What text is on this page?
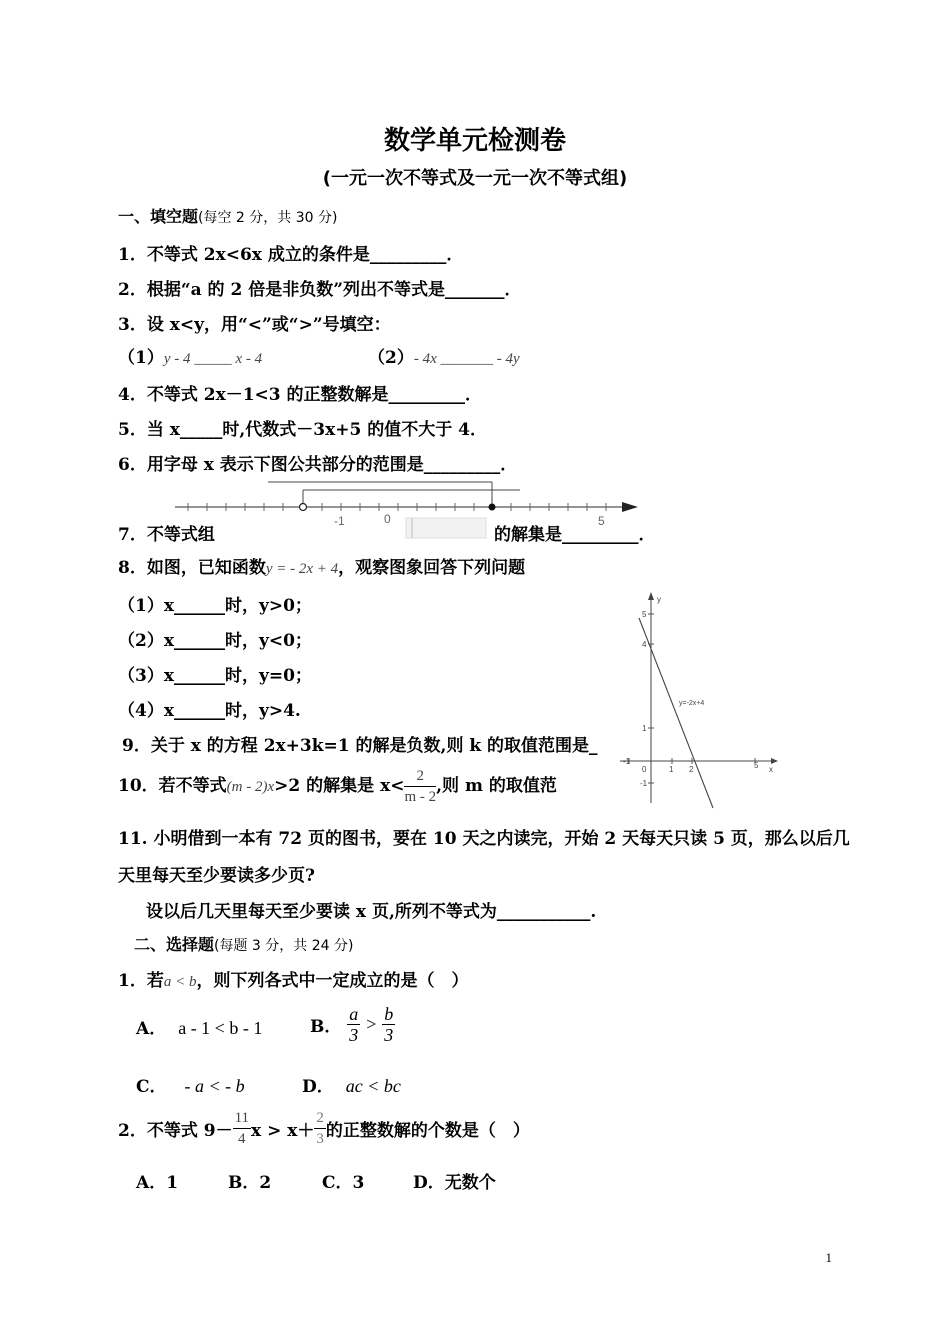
数学单元检测卷
(一元一次不等式及一元一次不等式组)
一、填空题(每空 2 分，共 30 分)
1．不等式 2x<6x 成立的条件是_________．
2．根据“a 的 2 倍是非负数”列出不等式是_______．
3．设 x<y，用“<”或“>”号填空：
（1）y - 4 _____ x - 4	（2）- 4x _______ - 4y
4．不等式 2x－1<3 的正整数解是_________．
5．当 x_____时,代数式－3x+5 的值不大于 4．
6．用字母 x 表示下图公共部分的范围是_________．
-1	0	5
7．不等式组	的解集是_________．
8．如图，已知函数y = - 2x + 4，观察图象回答下列问题
（1）x______时，y>0；
（2）x______时，y<0；
（3）x______时，y=0；
（4）x______时，y>4.	y=-2x+4
x
y
-1
0	1 2	5
5
4
1
-1
9．关于 x 的方程 2x+3k=1 的解是负数,则 k 的取值范围是_
10．若不等式(m - 2)x>2 的解集是 $x< \frac{2}{m - 2}$ ,则 m 的取值范
11. 小明借到一本有 72 页的图书，要在 10 天之内读完，开始 2 天每天只读 5 页，那么以后几
天里每天至少要读多少页?
设以后几天里每天至少要读 x 页,所列不等式为___________.
二、选择题(每题 3 分，共 24 分)
1．若a < b，则下列各式中一定成立的是（　）
A． a - 1 < b - 1	B． $\frac{a}{3} > \frac{b}{3}$
C． - a < - b	D． ac < bc
2．不等式 $9- \frac{11}{4}$ $x > x+ \frac{2}{3}$ 的正整数解的个数是（　）
A．1	B．2	C．3	D．无数个
1
